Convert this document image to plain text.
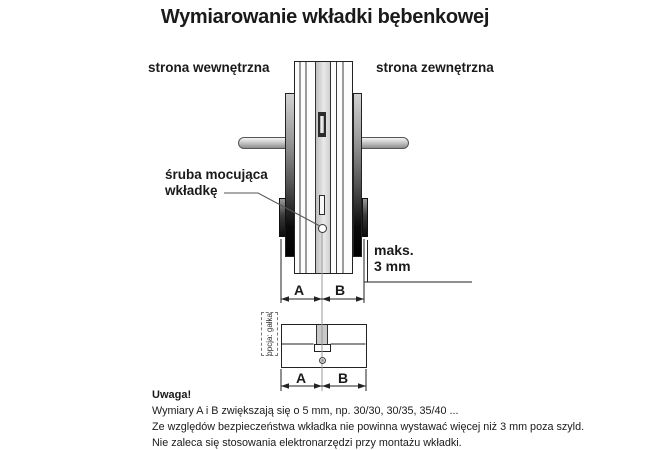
Wymiarowanie wkładki bębenkowej
strona wewnętrzna	strona zewnętrzna
opcja: gałka
śruba mocująca
wkładkę
maks.
3 mm
A	B
A	B
Uwaga!
Wymiary A i B zwiększają się o 5 mm, np. 30/30, 30/35, 35/40 ...
Ze względów bezpieczeństwa wkładka nie powinna wystawać więcej niż 3 mm poza szyld.
Nie zaleca się stosowania elektronarzędzi przy montażu wkładki.
